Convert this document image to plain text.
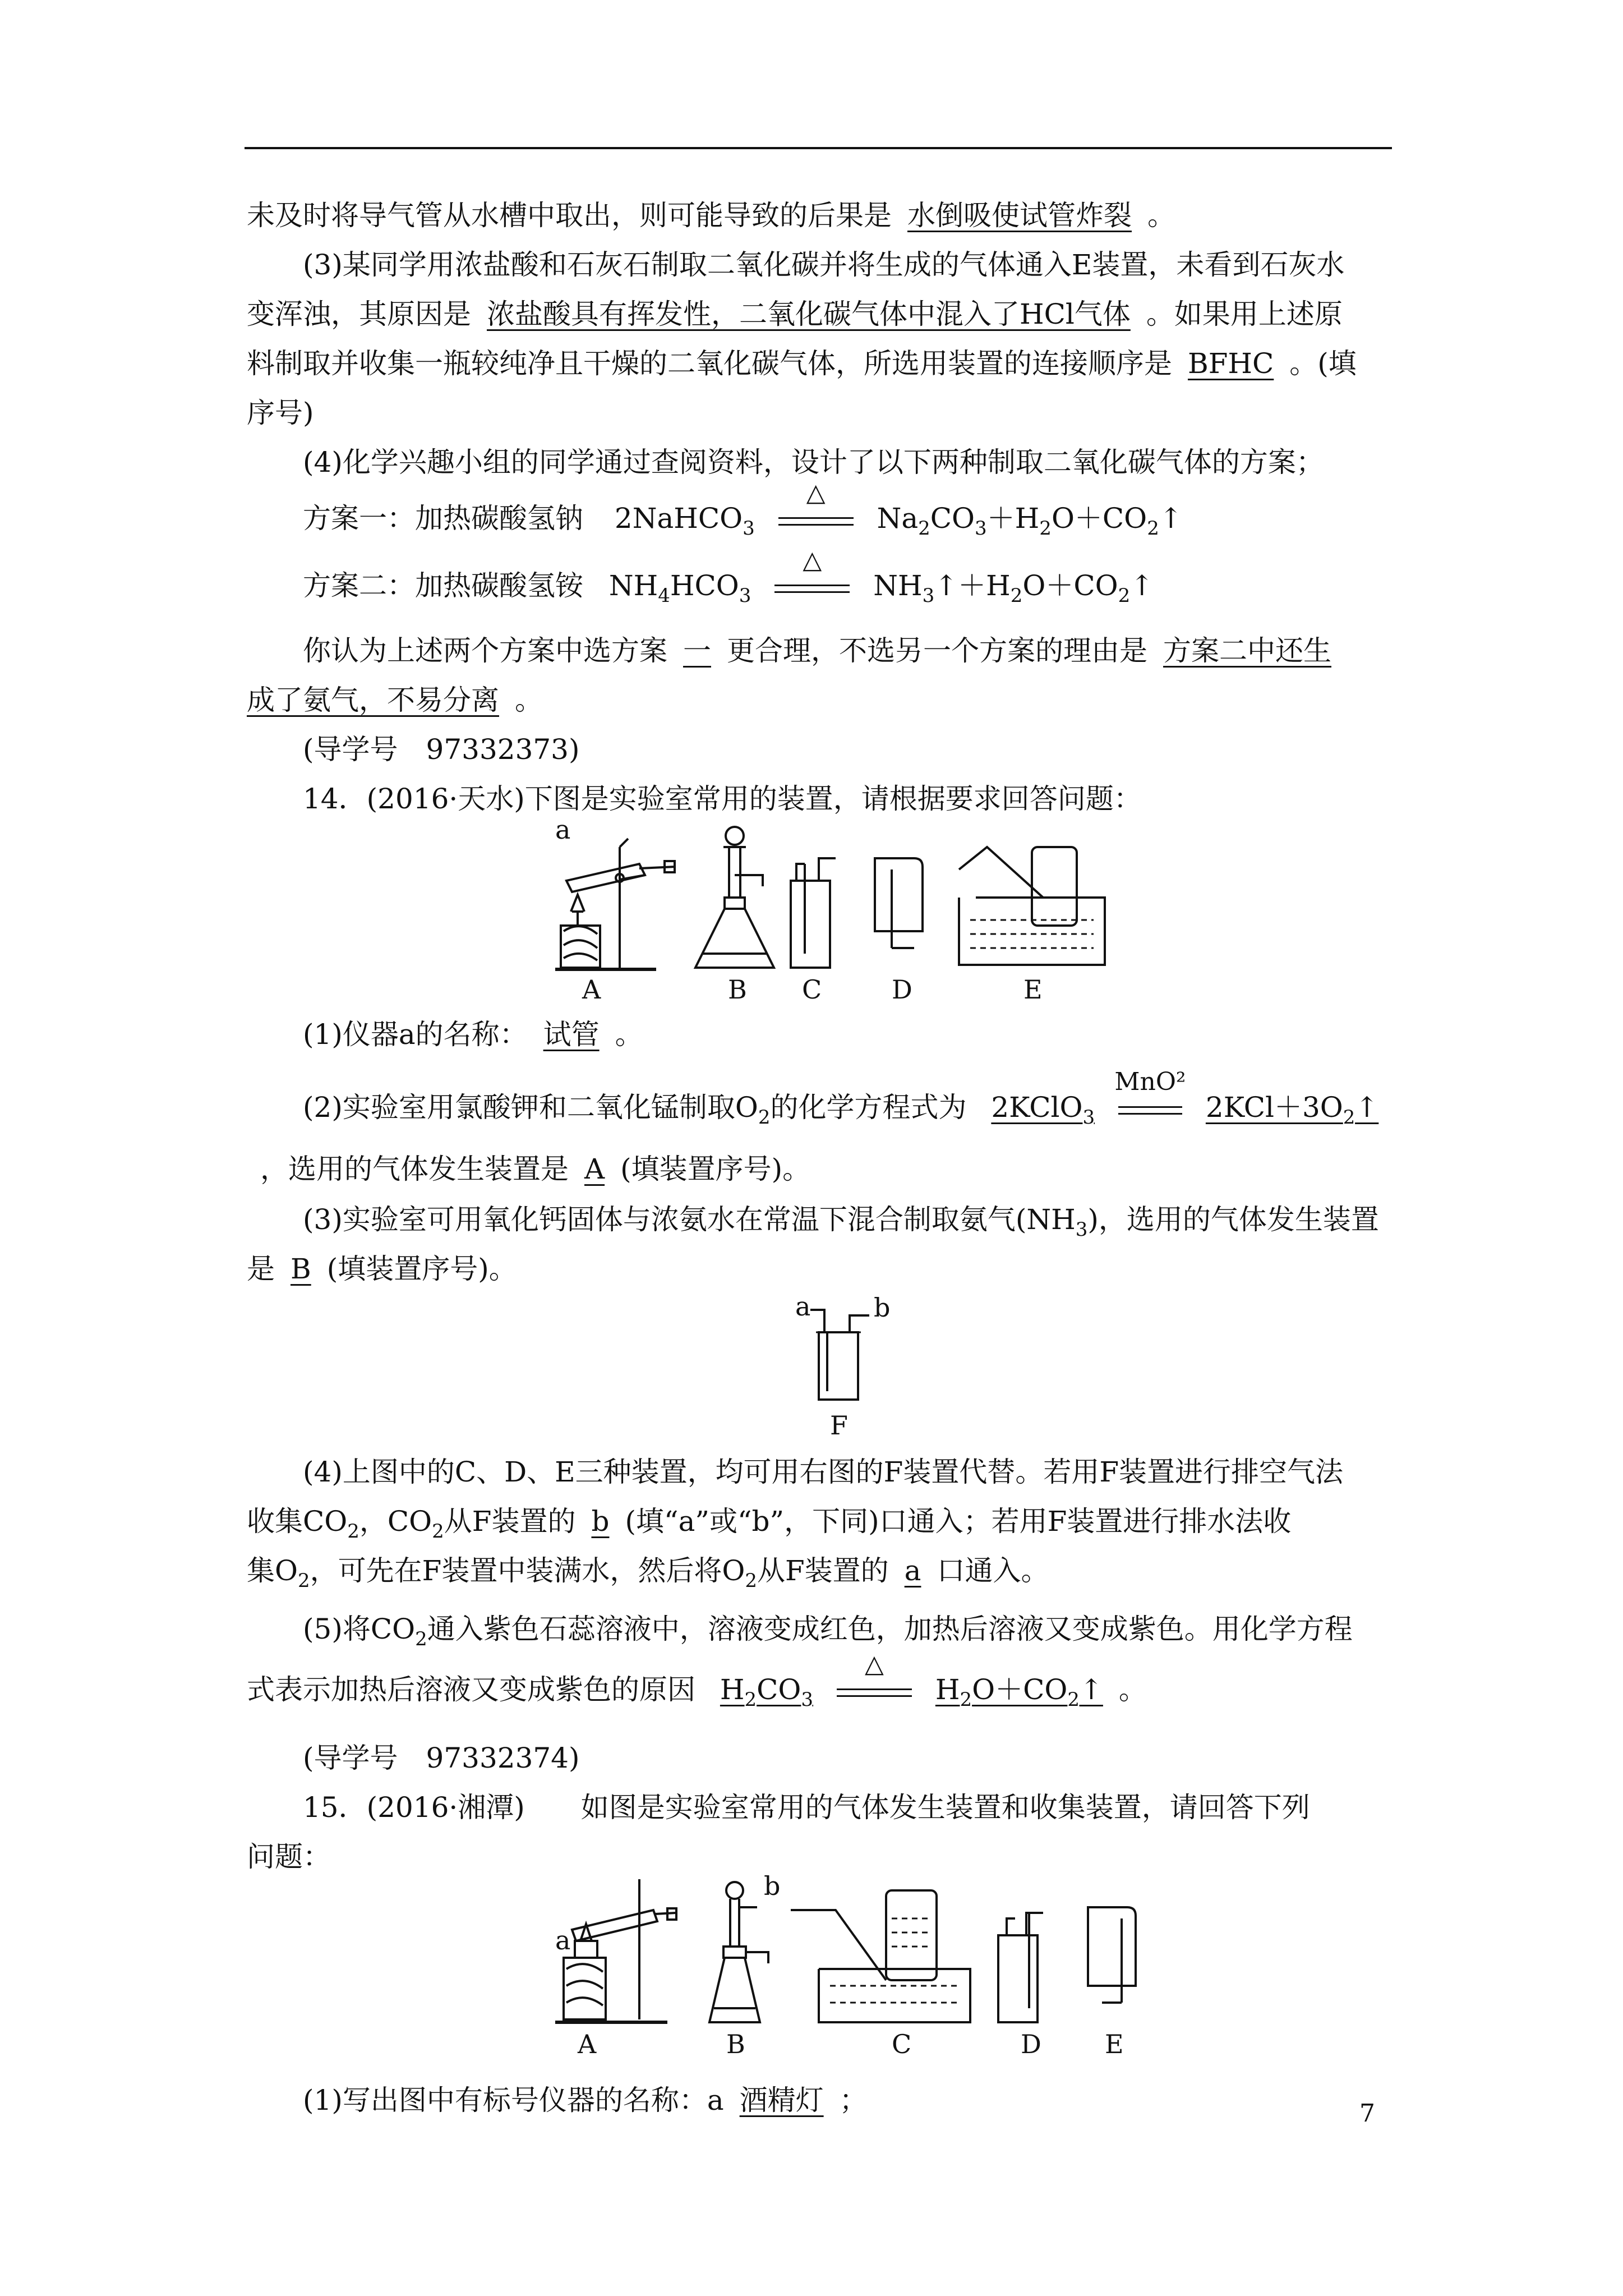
未及时将导气管从水槽中取出，则可能导致的后果是 水倒吸使试管炸裂 。
(3)某同学用浓盐酸和石灰石制取二氧化碳并将生成的气体通入E装置，未看到石灰水
变浑浊，其原因是 浓盐酸具有挥发性，二氧化碳气体中混入了HCl气体 。如果用上述原
料制取并收集一瓶较纯净且干燥的二氧化碳气体，所选用装置的连接顺序是 BFHC 。(填
序号)
(4)化学兴趣小组的同学通过查阅资料，设计了以下两种制取二氧化碳气体的方案；
方案一：加热碳酸氢钠 2NaHCO$_3$
△
$Na_2CO_3+H_2O+CO_2↑$
方案二：加热碳酸氢铵 $NH_4HCO_3$
△
$NH_3↑+H_2O+CO_2↑$
你认为上述两个方案中选方案 一 更合理，不选另一个方案的理由是 方案二中还生
成了氨气，不易分离 。
(导学号　97332373)
14．(2016·天水)下图是实验室常用的装置，请根据要求回答问题：
a
A	B C	D	E
(1)仪器a的名称： 试管 。
(2)实验室用氯酸钾和二氧化锰制取$O_2$的化学方程式为 2KClO$_3$
MnO²
$2KCl+3O_2↑$
，选用的气体发生装置是 A (填装置序号)。
(3)实验室可用氧化钙固体与浓氨水在常温下混合制取氨气$(NH_3)$，选用的气体发生装置
是 B (填装置序号)。
a b
F
(4)上图中的C、D、E三种装置，均可用右图的F装置代替。若用F装置进行排空气法
收集$CO_2$，$CO_2$从F装置的 b (填“a”或“b”，下同)口通入；若用F装置进行排水法收
集$O_2$，可先在F装置中装满水，然后将$O_2$从F装置的 a 口通入。
(5)将$CO_2$通入紫色石蕊溶液中，溶液变成红色，加热后溶液又变成紫色。用化学方程
式表示加热后溶液又变成紫色的原因 $H_2CO_3$
△
$H_2O+CO_2↑$ 。
(导学号　97332374)
15．(2016·湘潭)　　如图是实验室常用的气体发生装置和收集装置，请回答下列
问题：
a
b
A	B	C	D E
(1)写出图中有标号仪器的名称：a 酒精灯 ；	7
